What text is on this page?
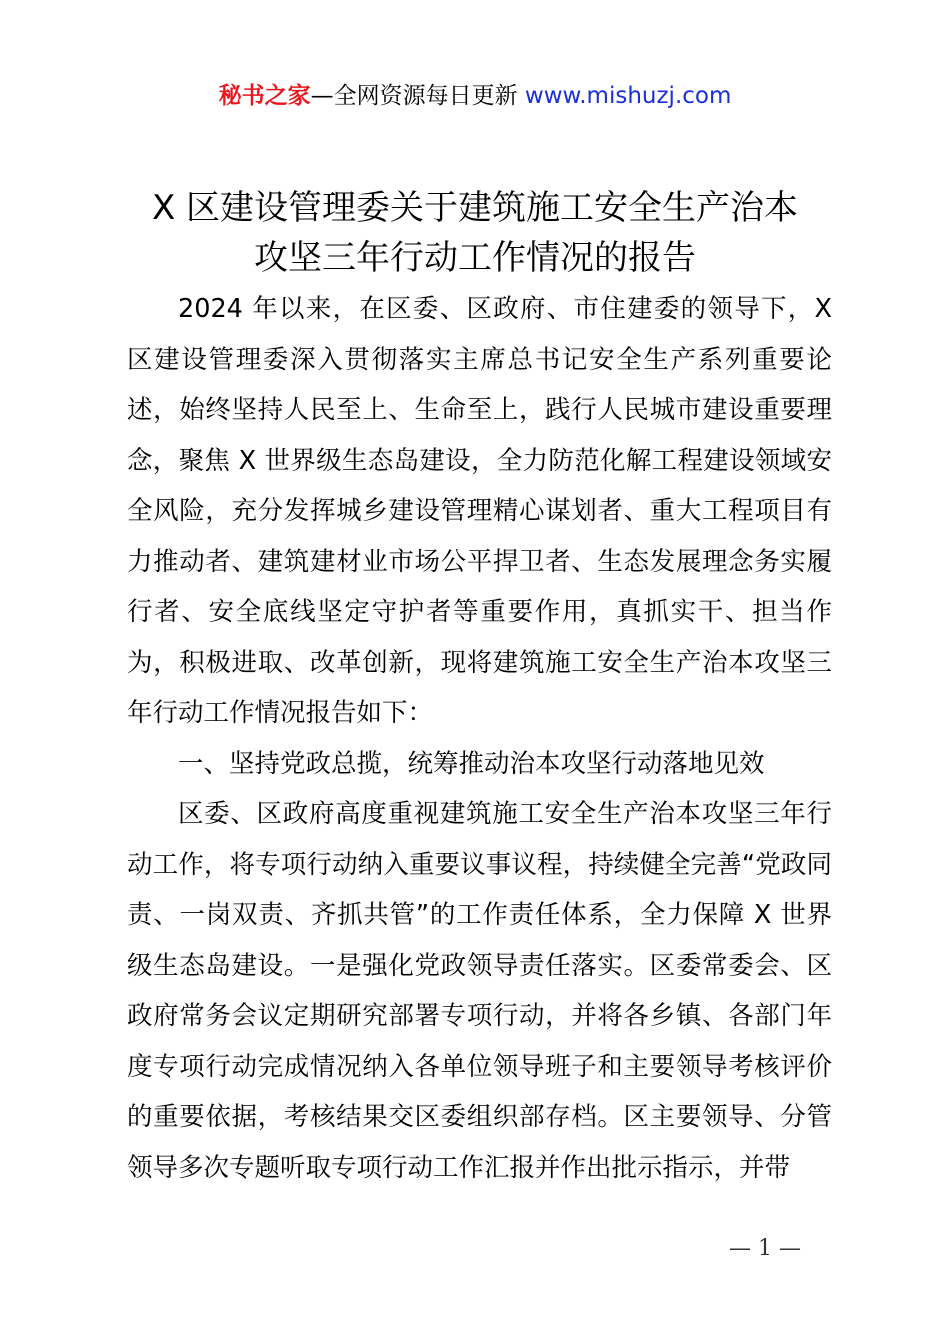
秘书之家—全网资源每日更新 www.mishuzj.com
X 区建设管理委关于建筑施工安全生产治本
攻坚三年行动工作情况的报告

2024 年以来，在区委、区政府、市住建委的领导下，X 区建设管理委深入贯彻落实主席总书记安全生产系列重要论述，始终坚持人民至上、生命至上，践行人民城市建设重要理念，聚焦 X 世界级生态岛建设，全力防范化解工程建设领域安全风险，充分发挥城乡建设管理精心谋划者、重大工程项目有力推动者、建筑建材业市场公平捍卫者、生态发展理念务实履行者、安全底线坚定守护者等重要作用，真抓实干、担当作为，积极进取、改革创新，现将建筑施工安全生产治本攻坚三年行动工作情况报告如下：

一、坚持党政总揽，统筹推动治本攻坚行动落地见效

区委、区政府高度重视建筑施工安全生产治本攻坚三年行动工作，将专项行动纳入重要议事议程，持续健全完善“党政同责、一岗双责、齐抓共管”的工作责任体系，全力保障 X 世界级生态岛建设。一是强化党政领导责任落实。区委常委会、区政府常务会议定期研究部署专项行动，并将各乡镇、各部门年度专项行动完成情况纳入各单位领导班子和主要领导考核评价的重要依据，考核结果交区委组织部存档。区主要领导、分管领导多次专题听取专项行动工作汇报并作出批示指示，并带

— 1 —
